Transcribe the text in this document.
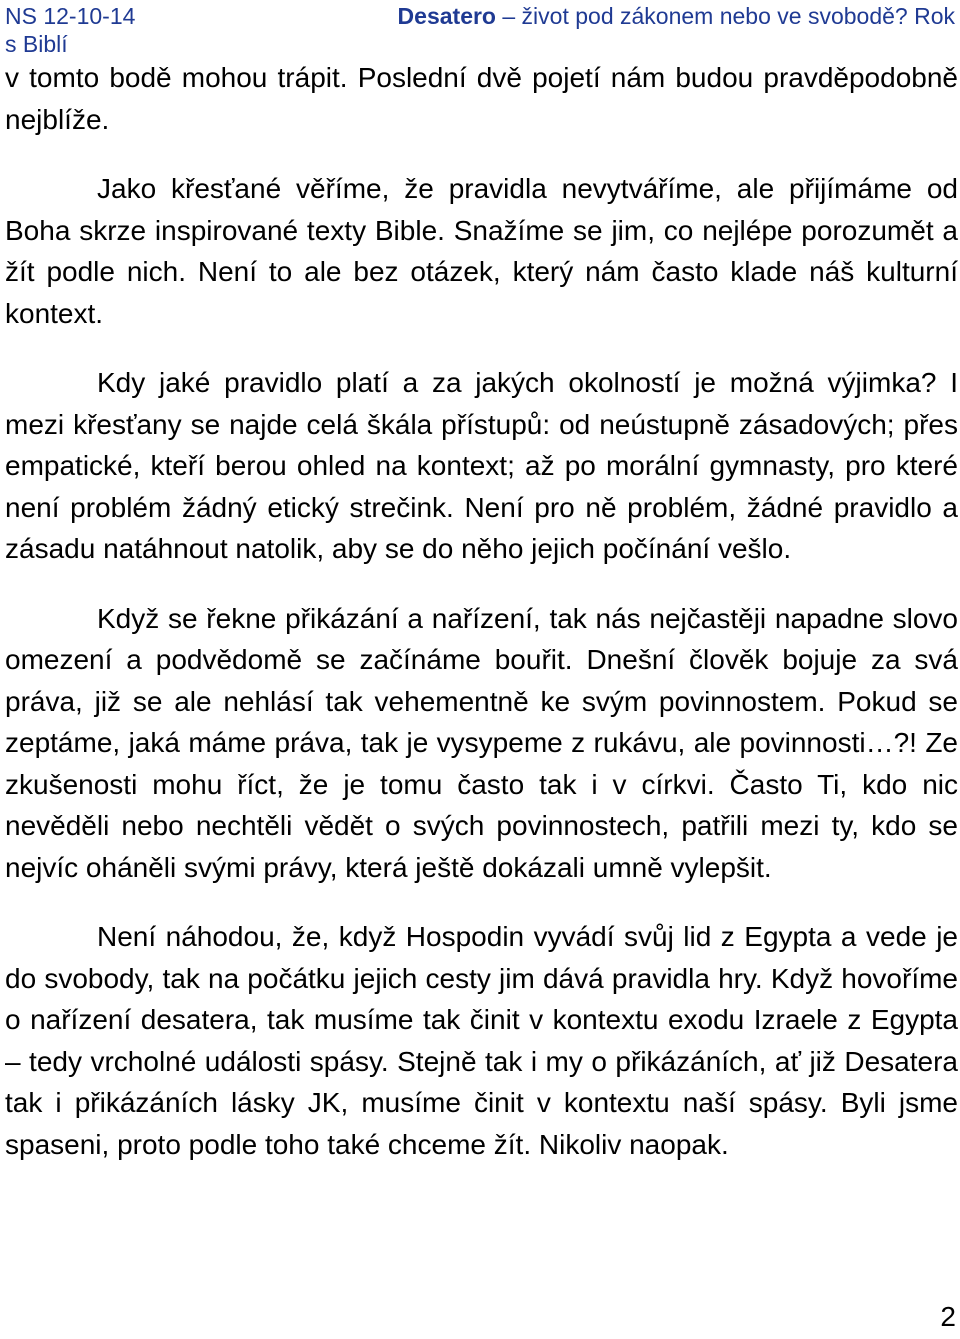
NS 12-10-14	Desatero – život pod zákonem nebo ve svobodě? Rok
s Biblí

v tomto bodě mohou trápit. Poslední dvě pojetí nám budou pravděpodobně nejblíže.

Jako křesťané věříme, že pravidla nevytváříme, ale přijímáme od Boha skrze inspirované texty Bible. Snažíme se jim, co nejlépe porozumět a žít podle nich. Není to ale bez otázek, který nám často klade náš kulturní kontext.

Kdy jaké pravidlo platí a za jakých okolností je možná výjimka? I mezi křesťany se najde celá škála přístupů: od neústupně zásadových; přes empatické, kteří berou ohled na kontext; až po morální gymnasty, pro které není problém žádný etický strečink. Není pro ně problém, žádné pravidlo a zásadu natáhnout natolik, aby se do něho jejich počínání vešlo.

Když se řekne přikázání a nařízení, tak nás nejčastěji napadne slovo omezení a podvědomě se začínáme bouřit. Dnešní člověk bojuje za svá práva, již se ale nehlásí tak vehementně ke svým povinnostem. Pokud se zeptáme, jaká máme práva, tak je vysypeme z rukávu, ale povinnosti…?! Ze zkušenosti mohu říct, že je tomu často tak i v církvi. Často Ti, kdo nic nevěděli nebo nechtěli vědět o svých povinnostech, patřili mezi ty, kdo se nejvíc oháněli svými právy, která ještě dokázali umně vylepšit.

Není náhodou, že, když Hospodin vyvádí svůj lid z Egypta a vede je do svobody, tak na počátku jejich cesty jim dává pravidla hry. Když hovoříme o nařízení desatera, tak musíme tak činit v kontextu exodu Izraele z Egypta – tedy vrcholné události spásy. Stejně tak i my o přikázáních, ať již Desatera tak i přikázáních lásky JK, musíme činit v kontextu naší spásy. Byli jsme spaseni, proto podle toho také chceme žít. Nikoliv naopak.

2
